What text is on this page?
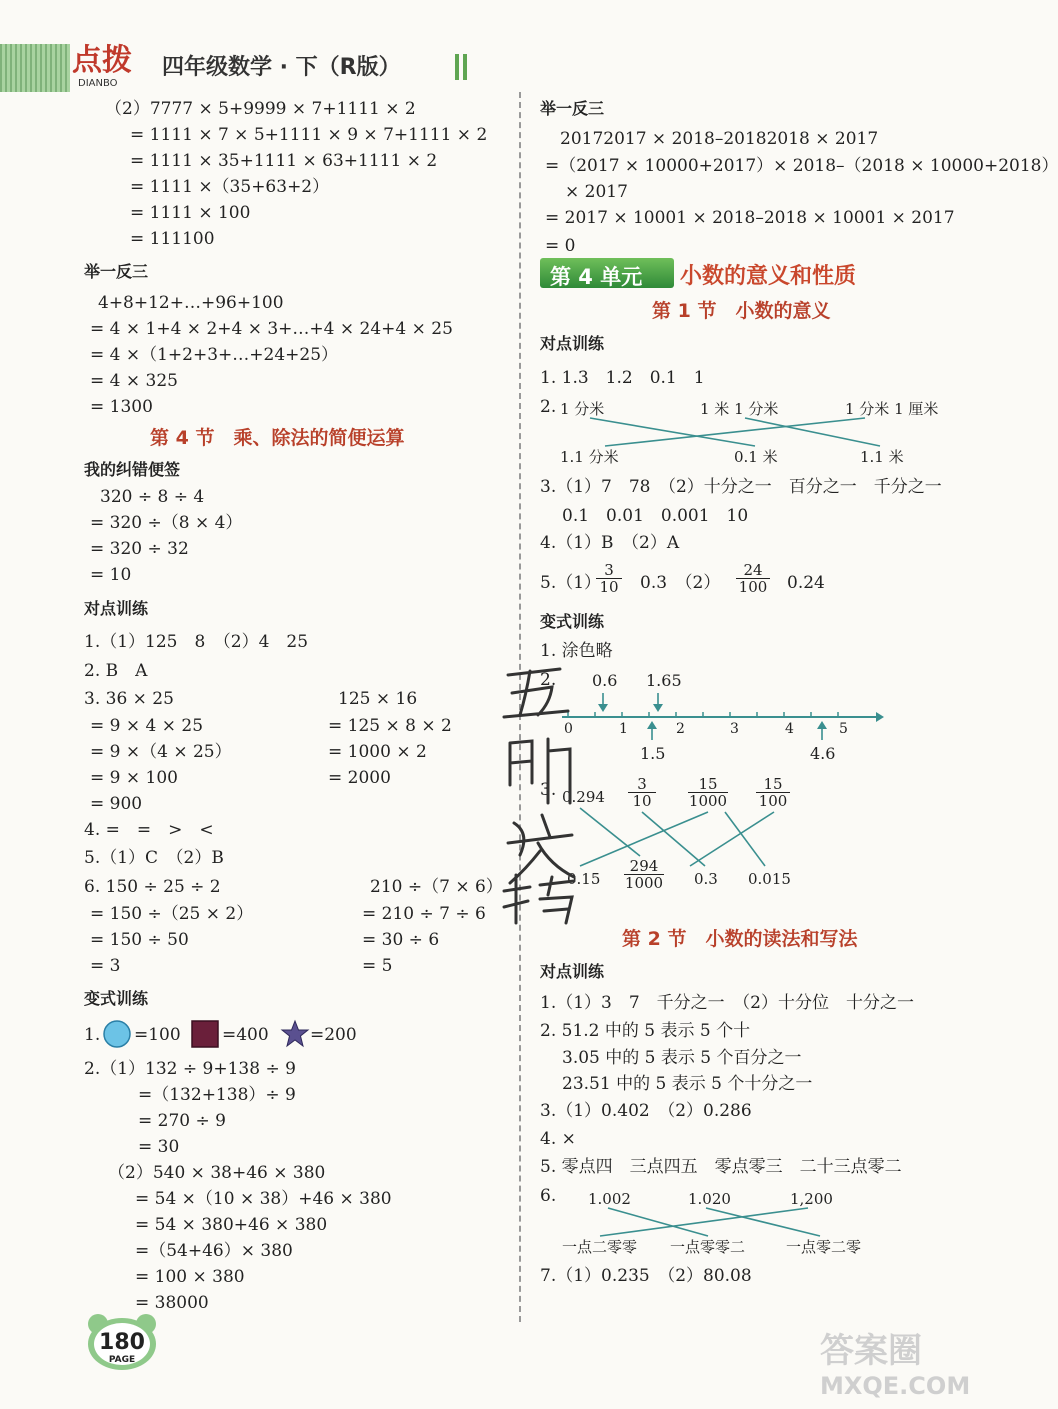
点拨
DIANBO
四年级数学 · 下（R版）
（2）7777 × 5+9999 × 7+1111 × 2
= 1111 × 7 × 5+1111 × 9 × 7+1111 × 2
= 1111 × 35+1111 × 63+1111 × 2
= 1111 ×（35+63+2）
= 1111 × 100
= 111100
举一反三
4+8+12+…+96+100
= 4 × 1+4 × 2+4 × 3+…+4 × 24+4 × 25
= 4 ×（1+2+3+…+24+25）
= 4 × 325
= 1300
第 4 节　乘、除法的简便运算
我的纠错便签
320 ÷ 8 ÷ 4
= 320 ÷（8 × 4）
= 320 ÷ 32
= 10
对点训练
1.（1）125　8　（2）4　25
2. B　A
3. 36 × 25
= 9 × 4 × 25
= 9 ×（4 × 25）
= 9 × 100
= 900
125 × 16
= 125 × 8 × 2
= 1000 × 2
= 2000
4. =　=　>　<
5.（1）C　（2）B
6. 150 ÷ 25 ÷ 2
= 150 ÷（25 × 2）
= 150 ÷ 50
= 3
210 ÷（7 × 6）
= 210 ÷ 7 ÷ 6
= 30 ÷ 6
= 5
变式训练
1. =100 =400 =200
2.（1）132 ÷ 9+138 ÷ 9
=（132+138）÷ 9
= 270 ÷ 9
= 30
（2）540 × 38+46 × 380
= 54 ×（10 × 38）+46 × 380
= 54 × 380+46 × 380
=（54+46）× 380
= 100 × 380
= 38000
举一反三
20172017 × 2018–20182018 × 2017
=（2017 × 10000+2017）× 2018–（2018 × 10000+2018）
× 2017
= 2017 × 10001 × 2018–2018 × 10001 × 2017
= 0
第 4 单元 小数的意义和性质
第 1 节　小数的意义
对点训练
1. 1.3　1.2　0.1　1
2. 1 分米	1 米 1 分米	1 分米 1 厘米
1.1 分米	0.1 米	1.1 米
3.（1）7　78　（2）十分之一　百分之一　千分之一
0.1　0.01　0.001　10
4.（1）B　（2）A
5.（1）
$\frac{3}{10} 0.3$　$(2) \frac{24}{100} 0.24$
变式训练
1. 涂色略
2. 0.6 1.65
0	1	2	3	4	5
1.5	4.6
3. $0.294 \frac{3}{10} \frac{15}{1000} \frac{15}{100}$
$0.15 \frac{294}{1000} 0.3$ 0.015
第 2 节　小数的读法和写法
对点训练
1.（1）3　7　千分之一　（2）十分位　十分之一
2. 51.2 中的 5 表示 5 个十
3.05 中的 5 表示 5 个百分之一
23.51 中的 5 表示 5 个十分之一
3.（1）0.402　（2）0.286
4. ×
5. 零点四　三点四五　零点零三　二十三点零二
6. 1.002	1.020	1,200
一点二零零 一点零零二	一点零二零
7.（1）0.235　（2）80.08
180
PAGE	答案圈
MXQE.COM
